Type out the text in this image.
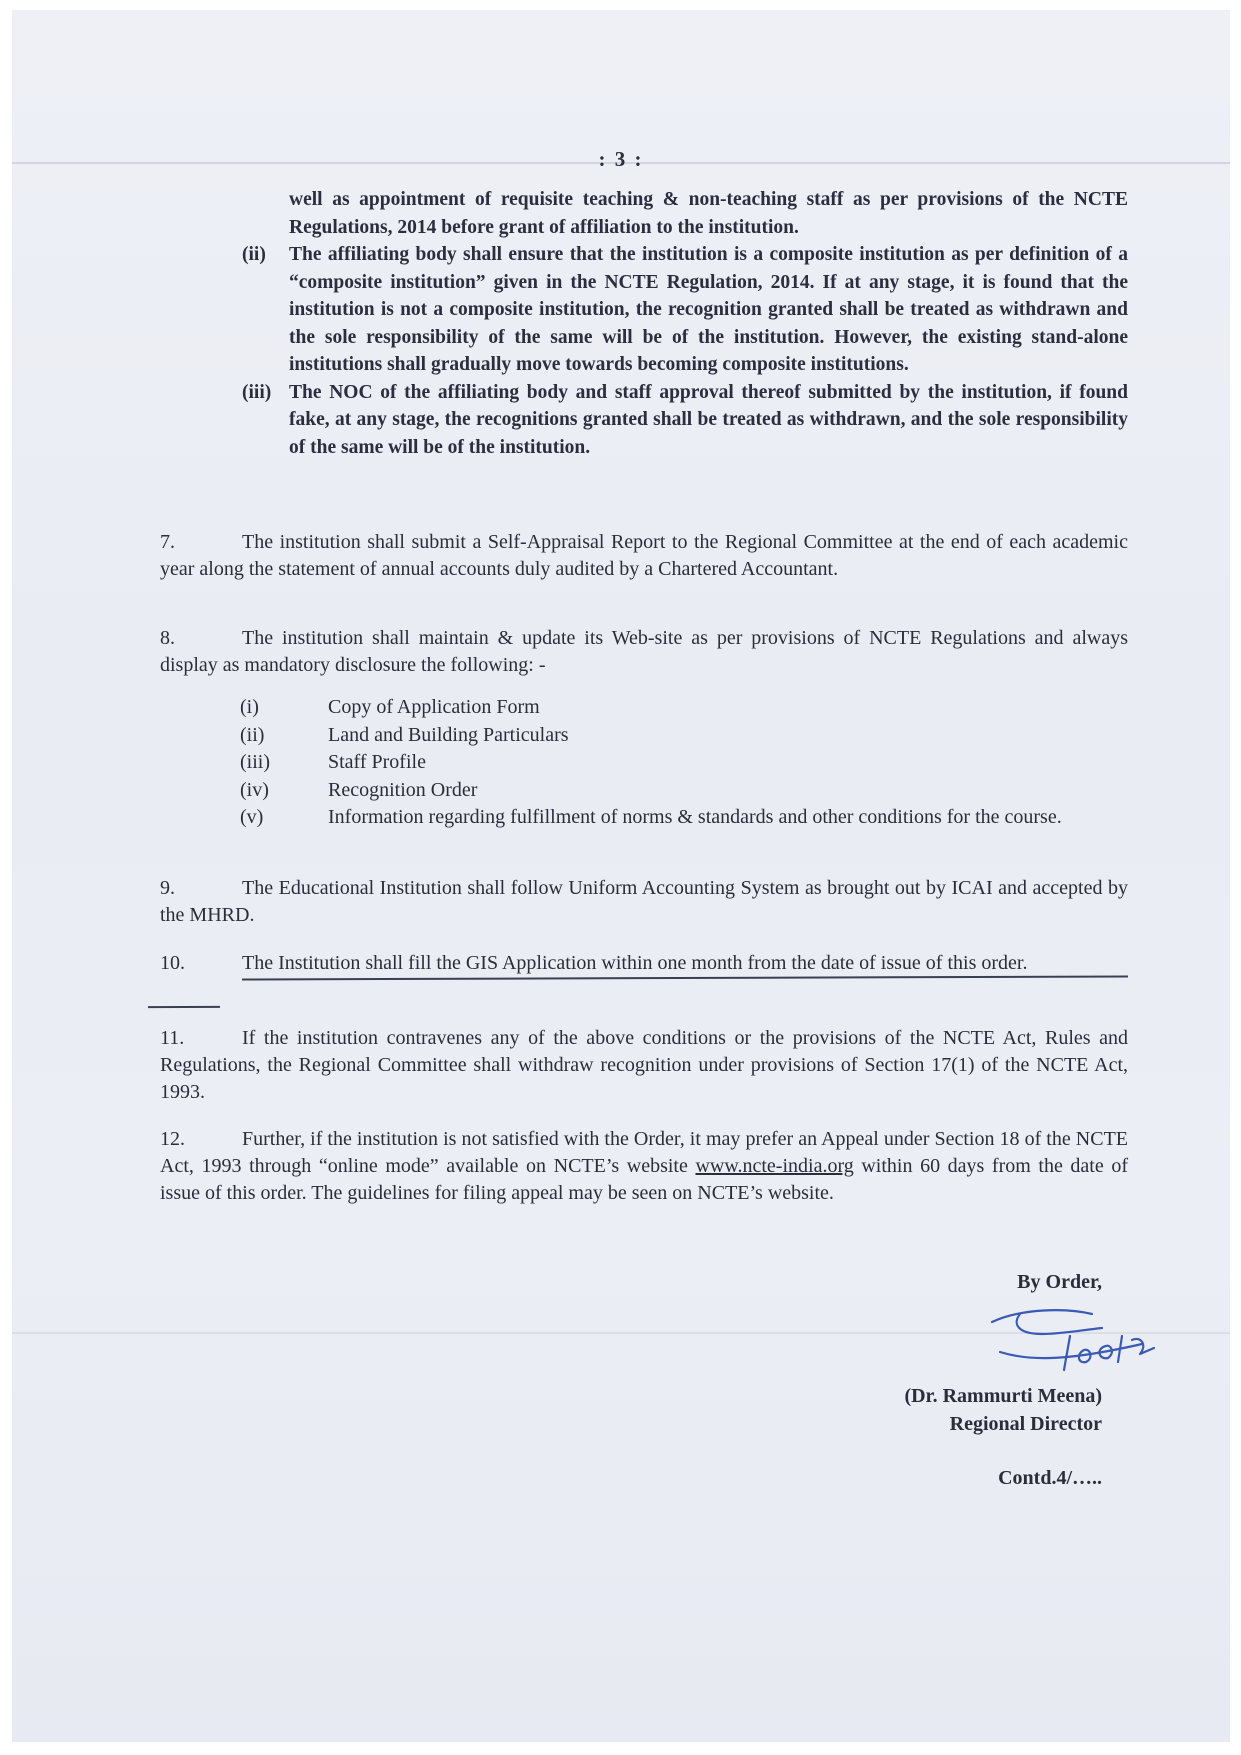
: 3 :

well as appointment of requisite teaching & non-teaching staff as per provisions of the NCTE Regulations, 2014 before grant of affiliation to the institution.

(ii)	The affiliating body shall ensure that the institution is a composite institution as per definition of a “composite institution” given in the NCTE Regulation, 2014. If at any stage, it is found that the institution is not a composite institution, the recognition granted shall be treated as withdrawn and the sole responsibility of the same will be of the institution. However, the existing stand-alone institutions shall gradually move towards becoming composite institutions.
(iii) The NOC of the affiliating body and staff approval thereof submitted by the institution, if found fake, at any stage, the recognitions granted shall be treated as withdrawn, and the sole responsibility of the same will be of the institution.

7.	The institution shall submit a Self-Appraisal Report to the Regional Committee at the end of each academic year along the statement of annual accounts duly audited by a Chartered Accountant.

8.	The institution shall maintain & update its Web-site as per provisions of NCTE Regulations and always display as mandatory disclosure the following: -

(i)	Copy of Application Form
(ii)	Land and Building Particulars
(iii)	Staff Profile
(iv)	Recognition Order
(v)	Information regarding fulfillment of norms & standards and other conditions for the course.

9.	The Educational Institution shall follow Uniform Accounting System as brought out by ICAI and accepted by the MHRD.

10.	The Institution shall fill the GIS Application within one month from the date of issue of this order.

11.	If the institution contravenes any of the above conditions or the provisions of the NCTE Act, Rules and Regulations, the Regional Committee shall withdraw recognition under provisions of Section 17(1) of the NCTE Act, 1993.

12.	Further, if the institution is not satisfied with the Order, it may prefer an Appeal under Section 18 of the NCTE Act, 1993 through “online mode” available on NCTE’s website www.ncte-india.org within 60 days from the date of issue of this order. The guidelines for filing appeal may be seen on NCTE’s website.

By Order,
(Dr. Rammurti Meena)
Regional Director
Contd.4/…..
